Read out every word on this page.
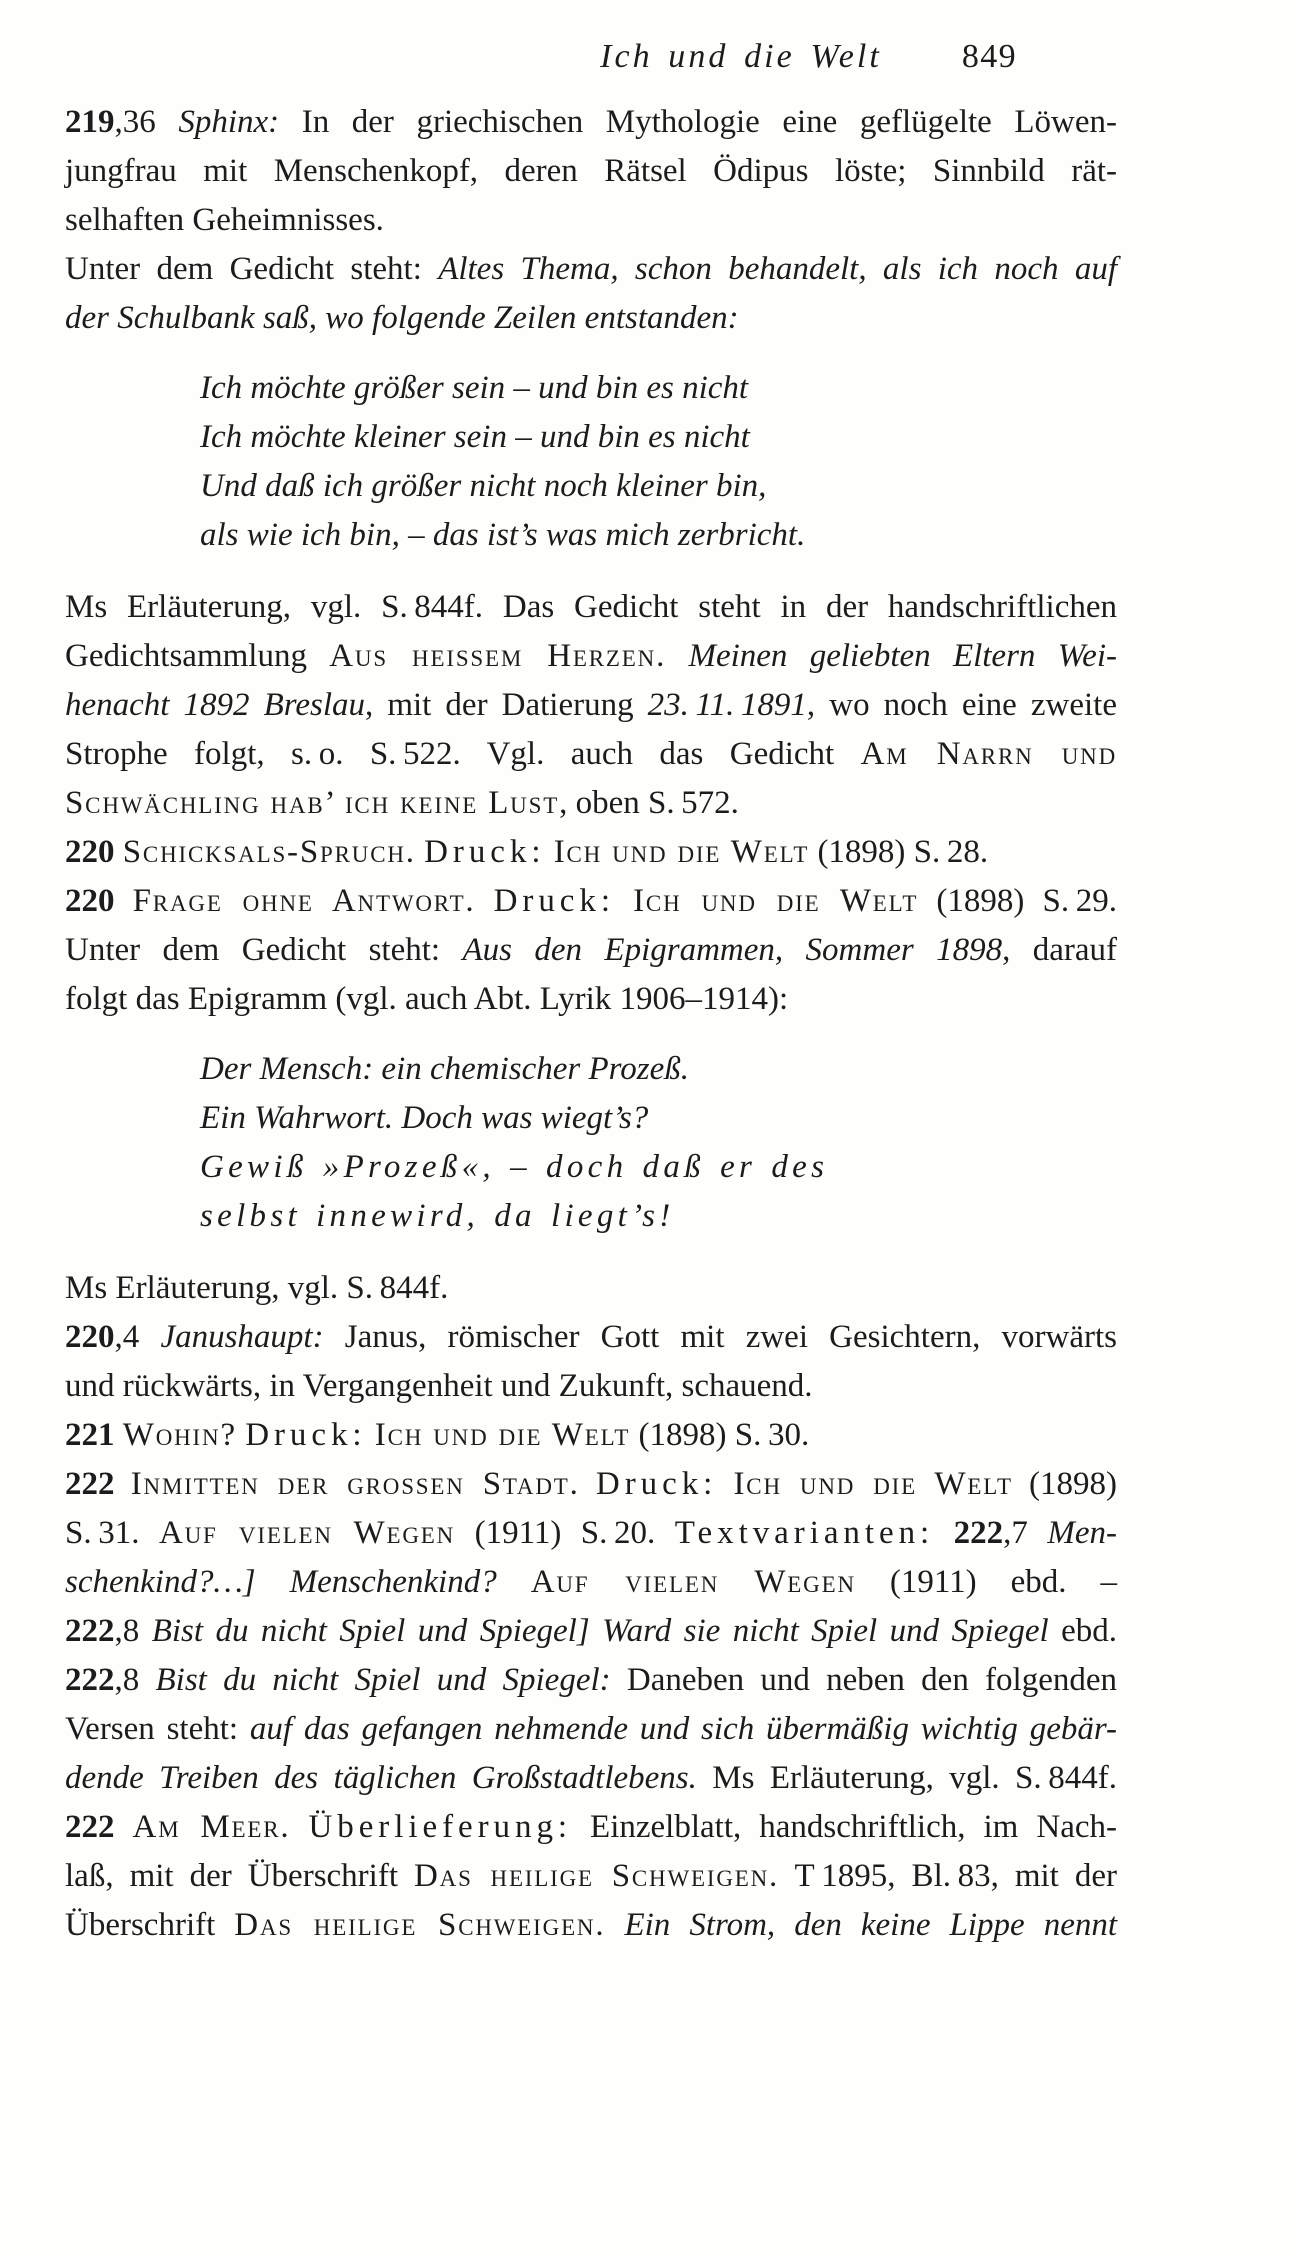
Ich und die Welt 849
219,36 Sphinx: In der griechischen Mythologie eine geflügelte Löwen-
jungfrau mit Menschenkopf, deren Rätsel Ödipus löste; Sinnbild rät-
selhaften Geheimnisses.
Unter dem Gedicht steht: Altes Thema, schon behandelt, als ich noch auf
der Schulbank saß, wo folgende Zeilen entstanden:
Ich möchte größer sein – und bin es nicht
Ich möchte kleiner sein – und bin es nicht
Und daß ich größer nicht noch kleiner bin,
als wie ich bin, – das ist’s was mich zerbricht.
Ms Erläuterung, vgl. S. 844f. Das Gedicht steht in der handschriftlichen
Gedichtsammlung Aus heissem Herzen. Meinen geliebten Eltern Wei-
henacht 1892 Breslau, mit der Datierung 23. 11. 1891, wo noch eine zweite
Strophe folgt, s. o. S. 522. Vgl. auch das Gedicht Am Narrn und
Schwächling hab’ ich keine Lust, oben S. 572.
220 Schicksals-Spruch. Druck: Ich und die Welt (1898) S. 28.
220 Frage ohne Antwort. Druck: Ich und die Welt (1898) S. 29.
Unter dem Gedicht steht: Aus den Epigrammen, Sommer 1898, darauf
folgt das Epigramm (vgl. auch Abt. Lyrik 1906–1914):
Der Mensch: ein chemischer Prozeß.
Ein Wahrwort. Doch was wiegt’s?
Gewiß »Prozeß«, – doch daß er des
selbst innewird, da liegt’s!
Ms Erläuterung, vgl. S. 844f.
220,4 Janushaupt: Janus, römischer Gott mit zwei Gesichtern, vorwärts
und rückwärts, in Vergangenheit und Zukunft, schauend.
221 Wohin? Druck: Ich und die Welt (1898) S. 30.
222 Inmitten der grossen Stadt. Druck: Ich und die Welt (1898)
S. 31. Auf vielen Wegen (1911) S. 20. Textvarianten: 222,7 Men-
schenkind?…] Menschenkind? Auf vielen Wegen (1911) ebd. –
222,8 Bist du nicht Spiel und Spiegel] Ward sie nicht Spiel und Spiegel ebd.
222,8 Bist du nicht Spiel und Spiegel: Daneben und neben den folgenden
Versen steht: auf das gefangen nehmende und sich übermäßig wichtig gebär-
dende Treiben des täglichen Großstadtlebens. Ms Erläuterung, vgl. S. 844f.
222 Am Meer. Überlieferung: Einzelblatt, handschriftlich, im Nach-
laß, mit der Überschrift Das heilige Schweigen. T 1895, Bl. 83, mit der
Überschrift Das heilige Schweigen. Ein Strom, den keine Lippe nennt
